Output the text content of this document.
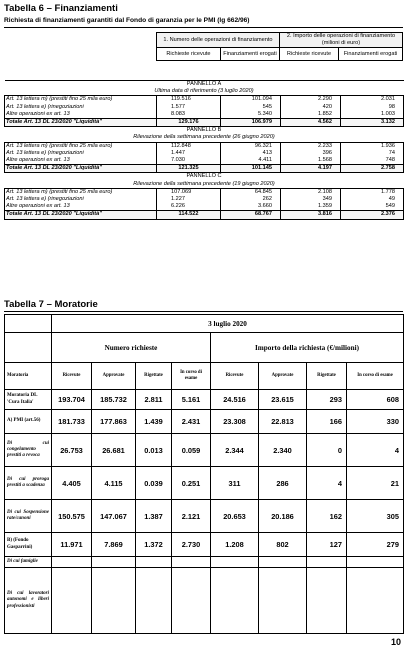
Tabella 6 – Finanziamenti
Richiesta di finanziamenti garantiti dal Fondo di garanzia per le PMI (lg 662/96)
1. Numero delle operazioni di finanziamento		2. Importo delle operazioni di finanziamento (milioni di euro)	
Richieste ricevute	Finanziamenti erogati	Richieste ricevute	Finanziamenti erogati
PANNELLO A				
Ultima data di riferimento (3 luglio 2020)				
Art. 13 lettera m) (prestiti fino 25 mila euro)	119.516	101.094	2.290	2.031
Art. 13 lettera e) (rinegoziazioni	1.577	545	420	98
Altre operazioni ex art. 13	8.083	5.340	1.852	1.003
Totale Art. 13 DL 23/2020 "Liquidità"	129.176	106.979	4.562	3.132
PANNELLO B				
Rilevazione della settimana precedente (26 giugno 2020)				
Art. 13 lettera m) (prestiti fino 25 mila euro)	112.848	96.321	2.233	1.936
Art. 13 lettera e) (rinegoziazioni	1.447	413	396	74
Altre operazioni ex art. 13	7.030	4.411	1.568	748
Totale Art. 13 DL 23/2020 "Liquidità"	121.325	101.145	4.197	2.758
PANNELLO C				
Rilevazione della settimana precedente (19 giugno 2020)				
Art. 13 lettera m) (prestiti fino 25 mila euro)	107.069	64.845	2.108	1.778
Art. 13 lettera e) (rinegoziazioni	1.227	262	349	49
Altre operazioni ex art. 13	6.226	3.660	1.359	549
Totale Art. 13 DL 23/2020 "Liquidità"	114.522	68.767	3.816	2.376
Tabella 7 – Moratorie
	3 luglio 2020							
	Numero richieste				Importo della richiesta (€/milioni)			
Moratoria	Ricevute	Approvate	Rigettate	In corso di esame	Ricevute	Approvate	Rigettate	In corso di esame
Moratoria DL 'Cura Italia'	193.704	185.732	2.811	5.161	24.516	23.615	293	608
A) PMI (art.56)	181.733	177.863	1.439	2.431	23.308	22.813	166	330
Di cui congelamento prestiti a revoca	26.753	26.681	0.013	0.059	2.344	2.340	0	4
Di cui proroga prestiti a scadenza	4.405	4.115	0.039	0.251	311	286	4	21
Di cui Sospensione rate/canoni	150.575	147.067	1.387	2.121	20.653	20.186	162	305
B) (Fondo Gasparrini)	11.971	7.869	1.372	2.730	1.208	802	127	279
Di cui famiglie								
Di cui lavoratori autonomi e liberi professionisti								
10
